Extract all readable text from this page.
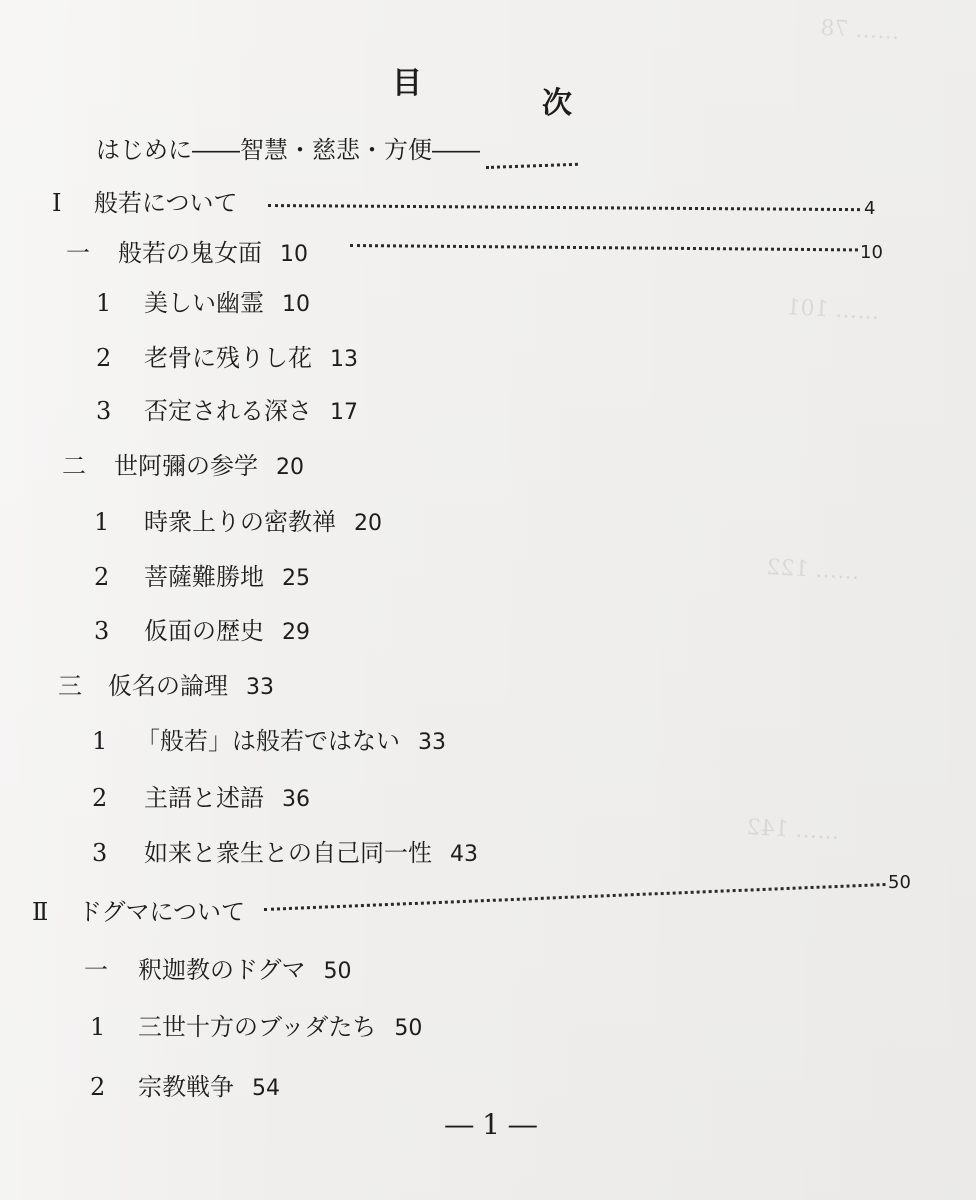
…… 78
…… 101
…… 122
…… 142
目
次
はじめに――智慧・慈悲・方便――
Ⅰ 般若について	4
一 般若の鬼女面 10	10
1 美しい幽霊 10
2 老骨に残りし花 13
3 否定される深さ 17
二 世阿彌の参学 20
1 時衆上りの密教禅 20
2 菩薩難勝地 25
3 仮面の歴史 29
三 仮名の論理 33
1 「般若」は般若ではない 33
2 主語と述語 36
3 如来と衆生との自己同一性 43
Ⅱ ドグマについて
50
一 釈迦教のドグマ 50
1 三世十方のブッダたち 50
2 宗教戦争 54
― 1 ―
